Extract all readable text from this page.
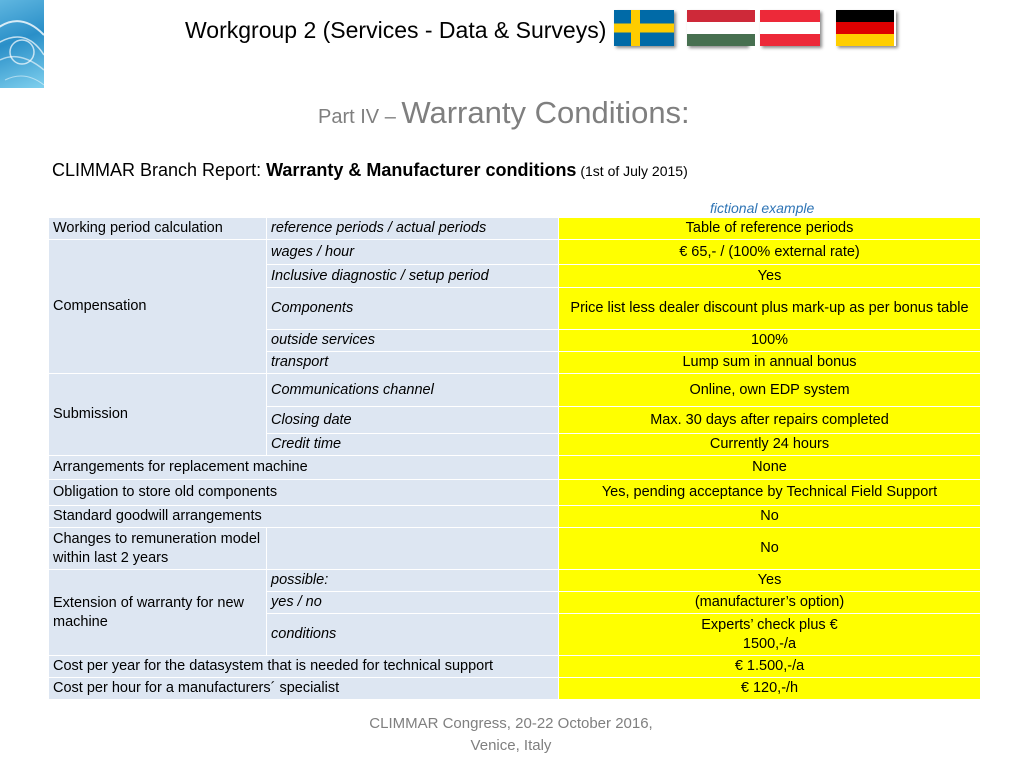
Workgroup 2 (Services - Data & Surveys)
Part IV – Warranty Conditions:
CLIMMAR Branch Report: Warranty & Manufacturer conditions (1st of July 2015)
fictional example
Working period calculation	reference periods / actual periods	Table of reference periods
Compensation	wages / hour	€ 65,- / (100% external rate)
	Inclusive diagnostic / setup period	Yes
	Components	Price list less dealer discount plus mark-up as per bonus table
	outside services	100%
	transport	Lump sum in annual bonus
Submission	Communications channel	Online, own EDP system
	Closing date	Max. 30 days after repairs completed
	Credit time	Currently 24 hours
Arrangements for replacement machine		None
Obligation to store old components		Yes, pending acceptance by Technical Field Support
Standard goodwill arrangements		No
Changes to remuneration model within last 2 years		No
Extension of warranty for new machine	possible:	Yes
	yes / no	(manufacturer’s option)
	conditions	Experts’ check plus € 1500,-/a
Cost per year for the datasystem that is needed for technical support		€ 1.500,-/a
Cost per hour for a manufacturers´ specialist		€ 120,-/h
CLIMMAR Congress, 20-22 October 2016,
Venice, Italy
